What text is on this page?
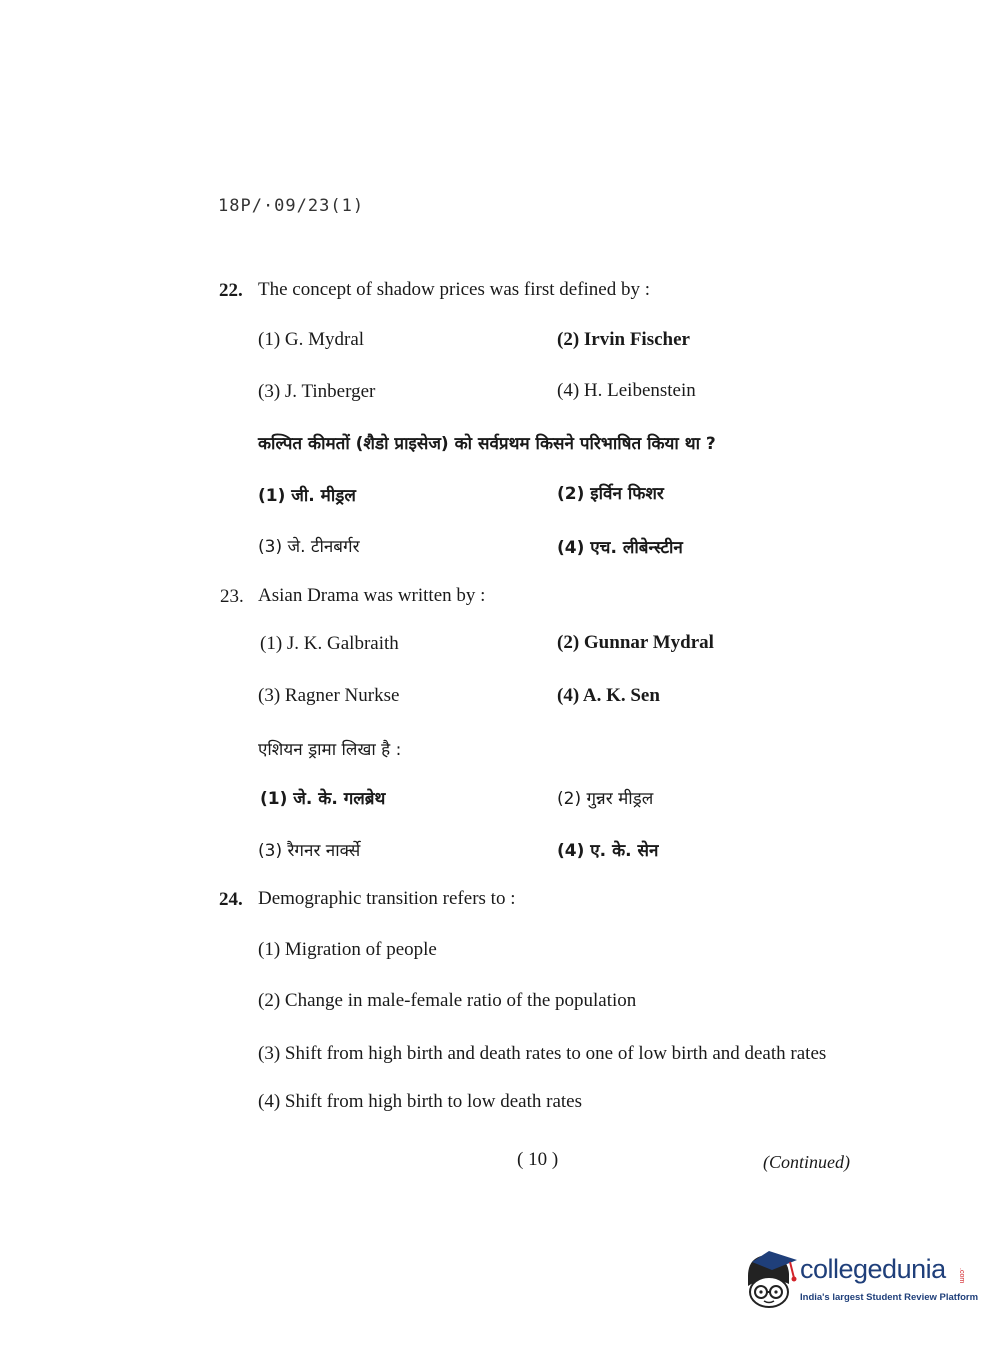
18P/·09/23(1)
22. The concept of shadow prices was first defined by :
(1) G. Mydral	(2) Irvin Fischer
(3) J. Tinberger	(4) H. Leibenstein
कल्पित कीमतों (शैडो प्राइसेज) को सर्वप्रथम किसने परिभाषित किया था ?
(1) जी. मीड्रल	(2) इर्विन फिशर
(3) जे. टीनबर्गर	(4) एच. लीबेन्स्टीन
23. Asian Drama was written by :
(1) J. K. Galbraith	(2) Gunnar Mydral
(3) Ragner Nurkse	(4) A. K. Sen
एशियन ड्रामा लिखा है :
(1) जे. के. गलब्रेथ	(2) गुन्नर मीड्रल
(3) रैगनर नार्क्से	(4) ए. के. सेन
24. Demographic transition refers to :
(1) Migration of people
(2) Change in male-female ratio of the population
(3) Shift from high birth and death rates to one of low birth and death rates
(4) Shift from high birth to low death rates
( 10 )	(Continued)
collegedunia .com
India's largest Student Review Platform
